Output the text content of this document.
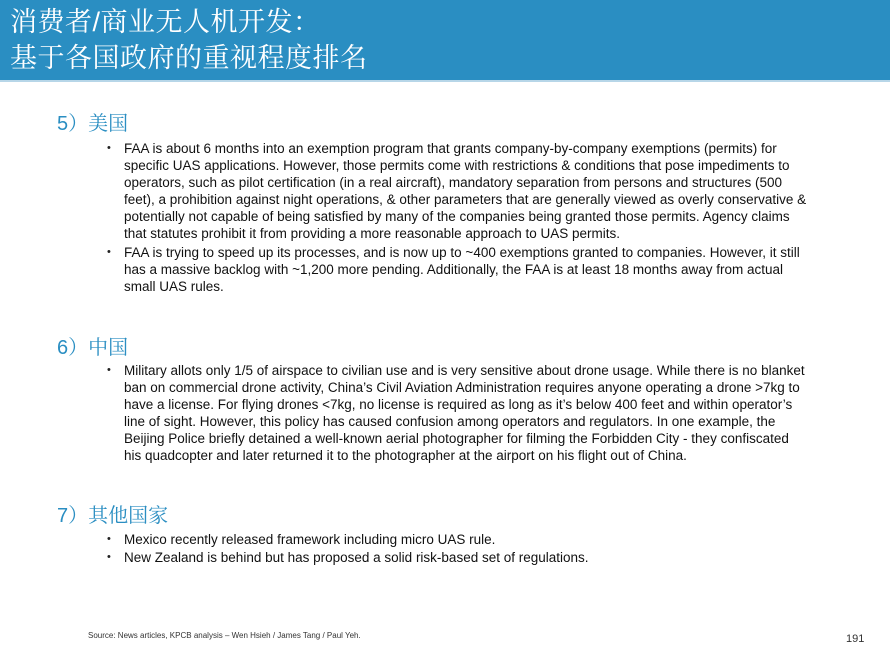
消费者/商业无人机开发：
基于各国政府的重视程度排名
5）美国
• FAA is about 6 months into an exemption program that grants company-by-company exemptions (permits) for specific UAS applications. However, those permits come with restrictions & conditions that pose impediments to operators, such as pilot certification (in a real aircraft), mandatory separation from persons and structures (500 feet), a prohibition against night operations, & other parameters that are generally viewed as overly conservative & potentially not capable of being satisfied by many of the companies being granted those permits. Agency claims that statutes prohibit it from providing a more reasonable approach to UAS permits.
• FAA is trying to speed up its processes, and is now up to ~400 exemptions granted to companies. However, it still has a massive backlog with ~1,200 more pending. Additionally, the FAA is at least 18 months away from actual small UAS rules.
6）中国
• Military allots only 1/5 of airspace to civilian use and is very sensitive about drone usage. While there is no blanket ban on commercial drone activity, China’s Civil Aviation Administration requires anyone operating a drone >7kg to have a license. For flying drones <7kg, no license is required as long as it’s below 400 feet and within operator’s line of sight. However, this policy has caused confusion among operators and regulators. In one example, the Beijing Police briefly detained a well-known aerial photographer for filming the Forbidden City - they confiscated his quadcopter and later returned it to the photographer at the airport on his flight out of China.
7）其他国家
• Mexico recently released framework including micro UAS rule.
• New Zealand is behind but has proposed a solid risk-based set of regulations.
Source: News articles, KPCB analysis – Wen Hsieh / James Tang / Paul Yeh.	191
